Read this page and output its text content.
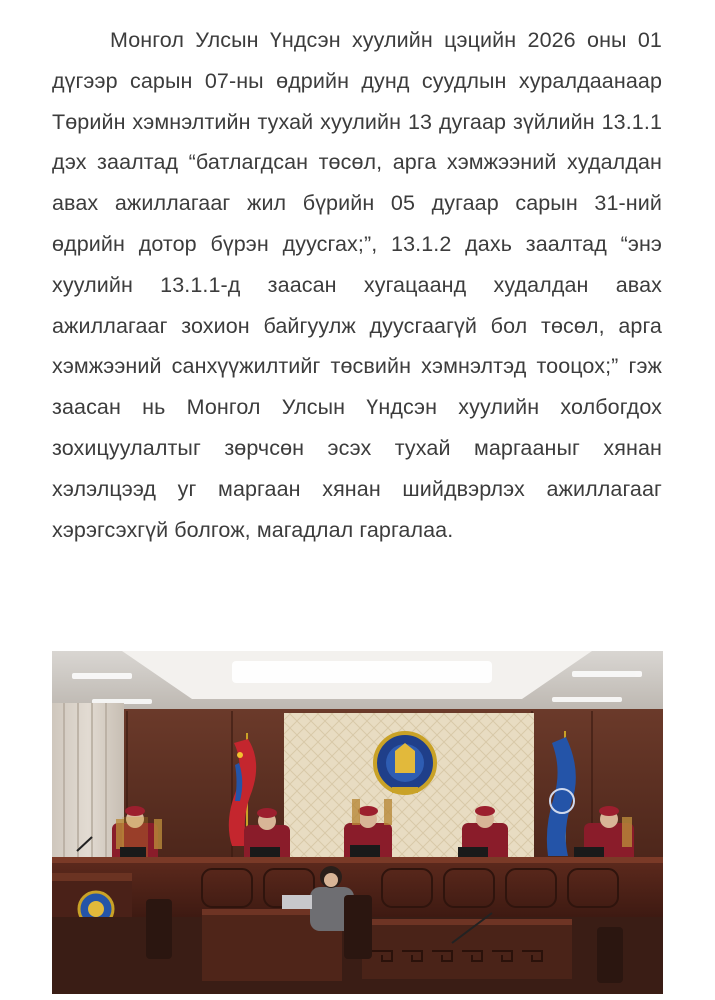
Монгол Улсын Үндсэн хуулийн цэцийн 2026 оны 01 дүгээр сарын 07-ны өдрийн дунд суудлын хуралдаанаар Төрийн хэмнэлтийн тухай хуулийн 13 дугаар зүйлийн 13.1.1 дэх заалтад “батлагдсан төсөл, арга хэмжээний худалдан авах ажиллагааг жил бүрийн 05 дугаар сарын 31-ний өдрийн дотор бүрэн дуусгах;”, 13.1.2 дахь заалтад “энэ хуулийн 13.1.1-д заасан хугацаанд худалдан авах ажиллагааг зохион байгуулж дуусгаагүй бол төсөл, арга хэмжээний санхүүжилтийг төсвийн хэмнэлтэд тооцох;” гэж заасан нь Монгол Улсын Үндсэн хуулийн холбогдох зохицуулалтыг зөрчсөн эсэх тухай маргааныг хянан хэлэлцээд уг маргаан хянан шийдвэрлэх ажиллагааг хэрэгсэхгүй болгож, магадлал гаргалаа.
